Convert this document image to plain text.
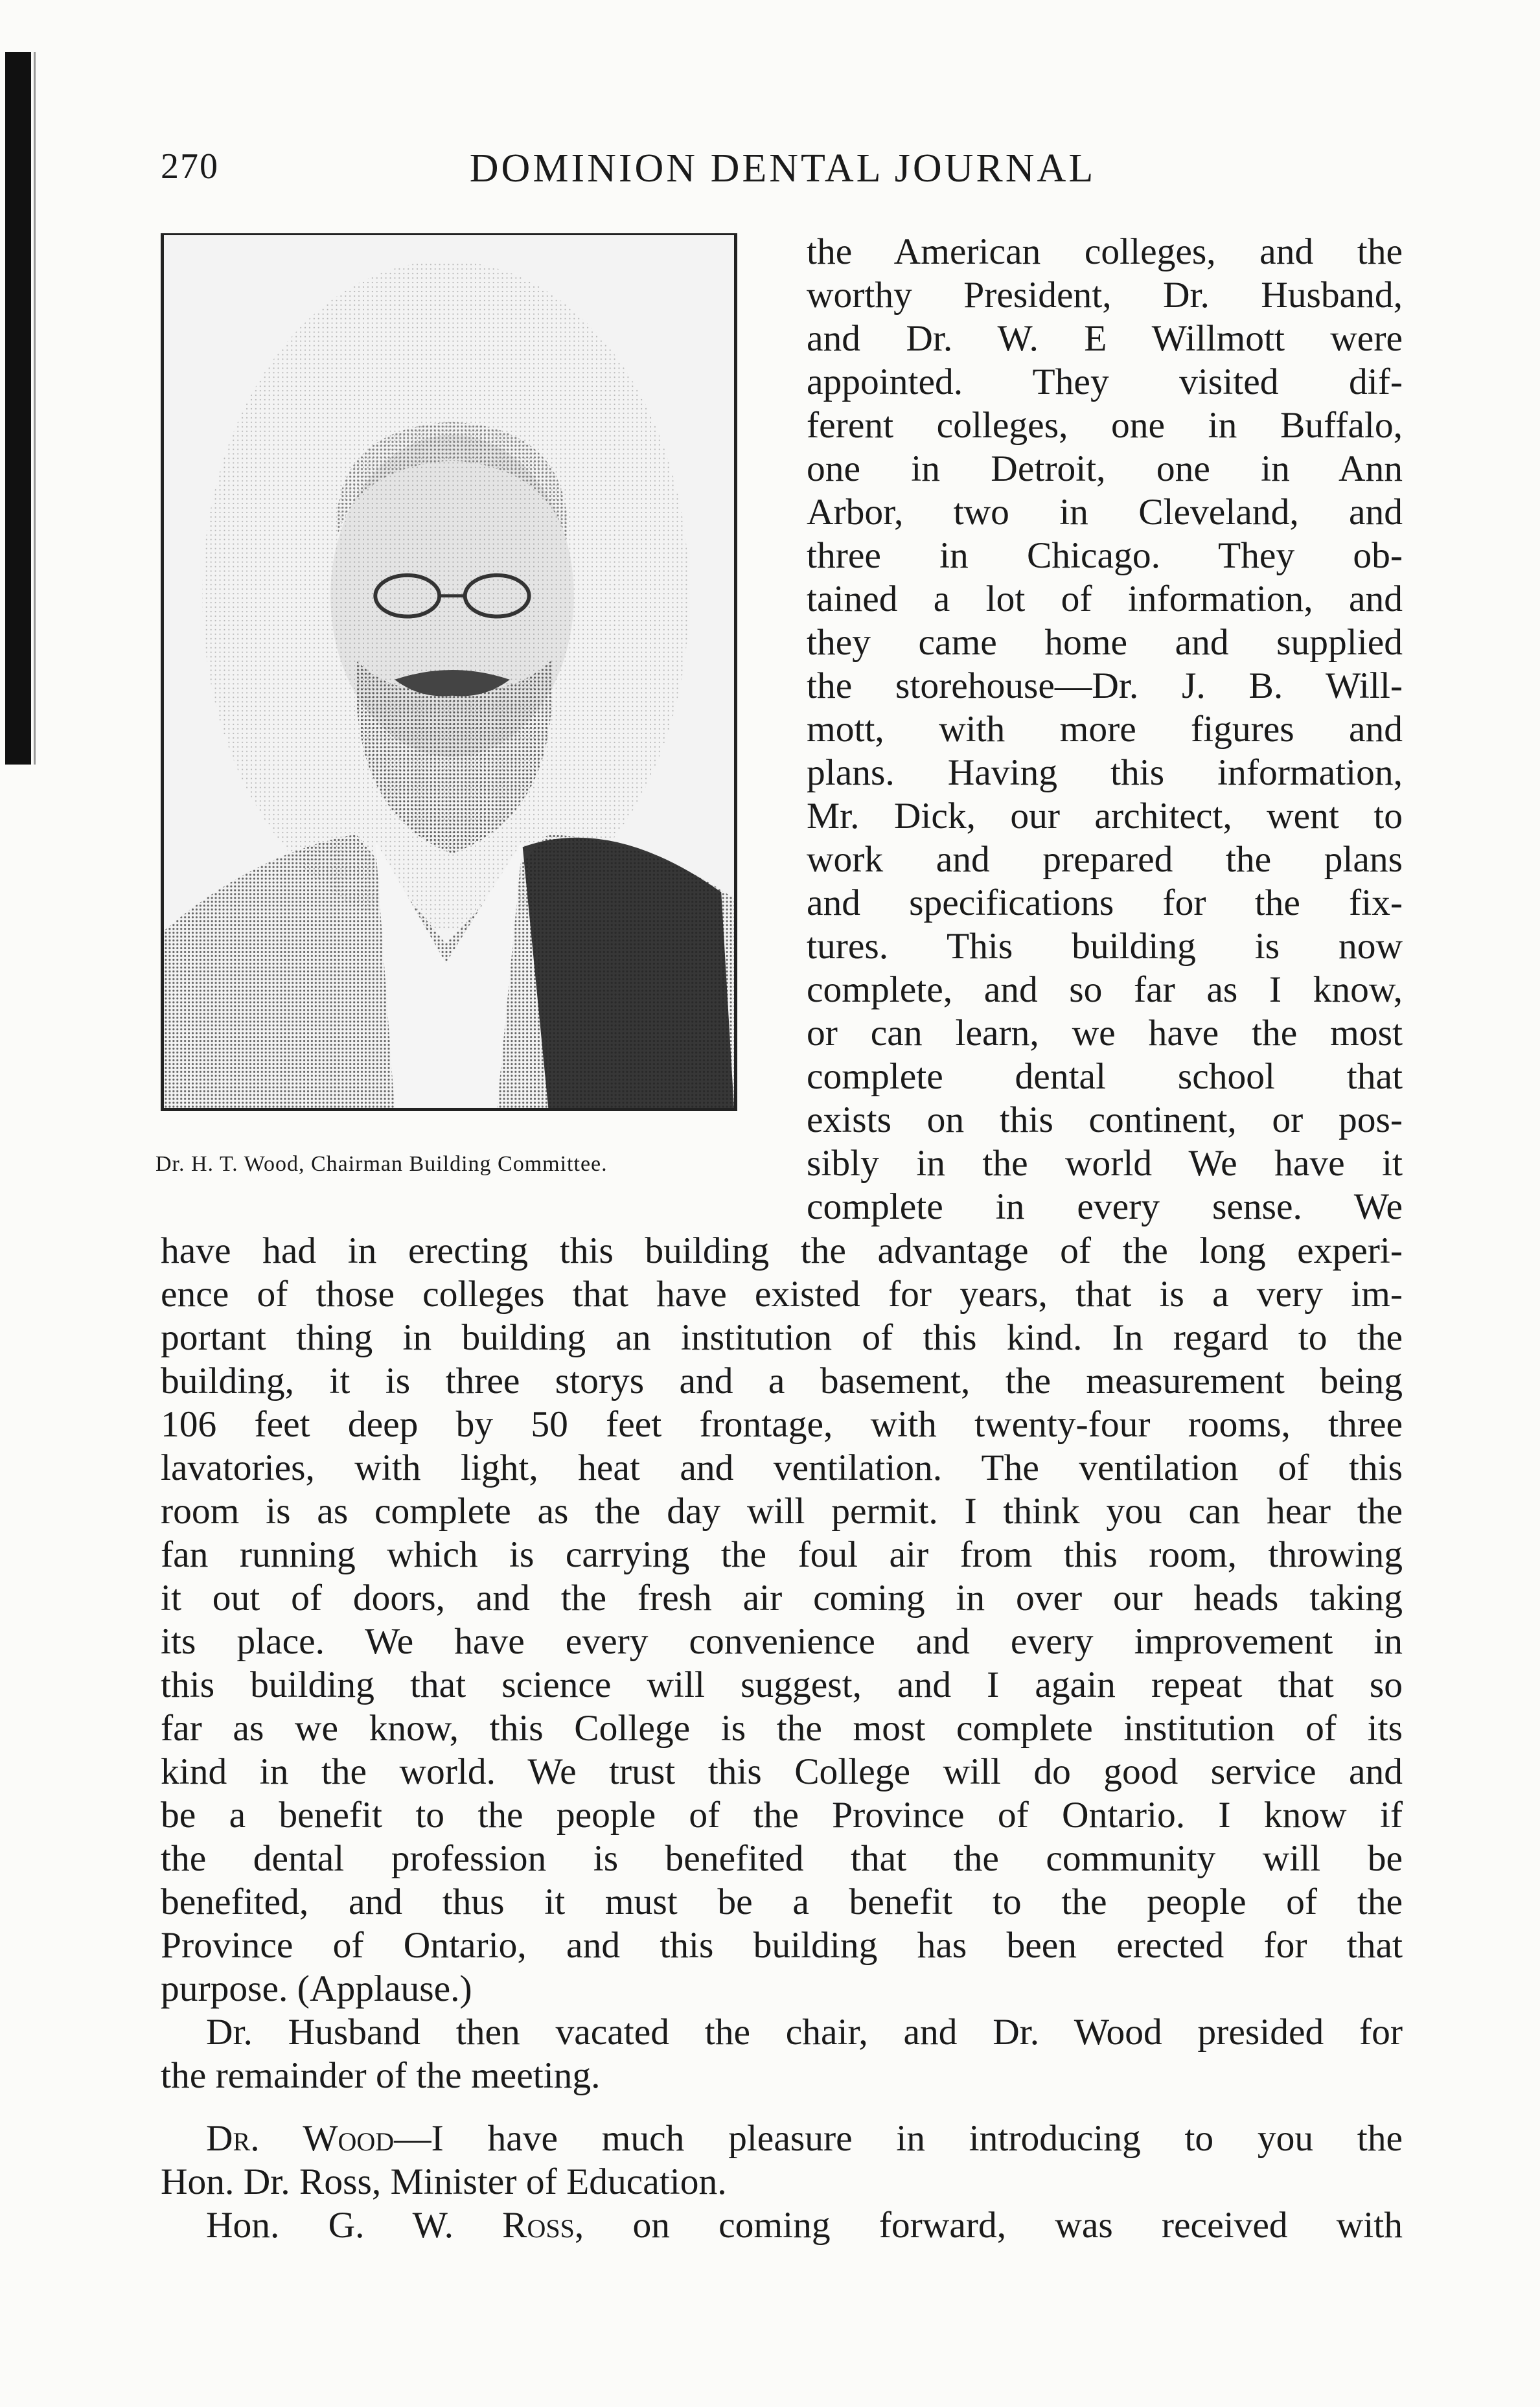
270	DOMINION DENTAL JOURNAL
Dr. H. T. Wood, Chairman Building Committee.
the American colleges, and the
worthy President, Dr. Husband,
and Dr. W. E Willmott were
appointed. They visited dif-
ferent colleges, one in Buffalo,
one in Detroit, one in Ann
Arbor, two in Cleveland, and
three in Chicago. They ob-
tained a lot of information, and
they came home and supplied
the storehouse—Dr. J. B. Will-
mott, with more figures and
plans. Having this information,
Mr. Dick, our architect, went to
work and prepared the plans
and specifications for the fix-
tures. This building is now
complete, and so far as I know,
or can learn, we have the most
complete dental school that
exists on this continent, or pos-
sibly in the world We have it
complete in every sense. We
have had in erecting this building the advantage of the long experi-
ence of those colleges that have existed for years, that is a very im-
portant thing in building an institution of this kind. In regard to the
building, it is three storys and a basement, the measurement being
106 feet deep by 50 feet frontage, with twenty-four rooms, three
lavatories, with light, heat and ventilation. The ventilation of this
room is as complete as the day will permit. I think you can hear the
fan running which is carrying the foul air from this room, throwing
it out of doors, and the fresh air coming in over our heads taking
its place. We have every convenience and every improvement in
this building that science will suggest, and I again repeat that so
far as we know, this College is the most complete institution of its
kind in the world. We trust this College will do good service and
be a benefit to the people of the Province of Ontario. I know if
the dental profession is benefited that the community will be
benefited, and thus it must be a benefit to the people of the
Province of Ontario, and this building has been erected for that
purpose. (Applause.)
Dr. Husband then vacated the chair, and Dr. Wood presided for
the remainder of the meeting.
Dr. Wood—I have much pleasure in introducing to you the
Hon. Dr. Ross, Minister of Education.
Hon. G. W. Ross, on coming forward, was received with
